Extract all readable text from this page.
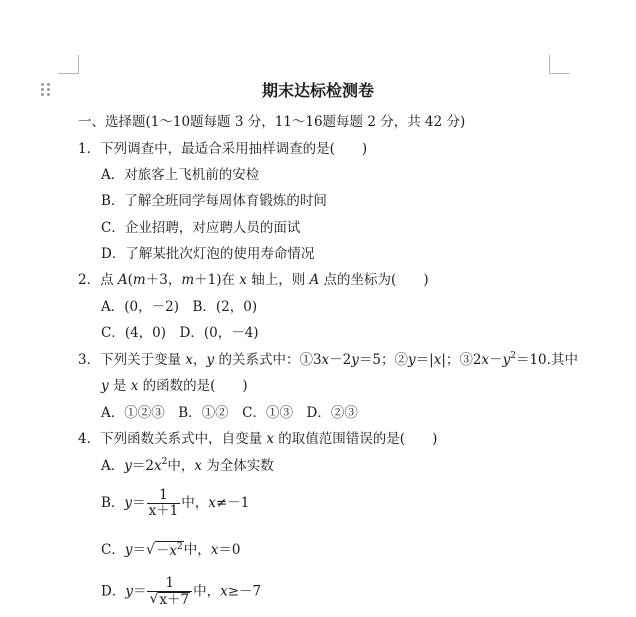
期末达标检测卷
一、选择题(1～10题每题 3 分，11～16题每题 2 分，共 42 分)
1．下列调查中，最适合采用抽样调查的是(　　)
A．对旅客上飞机前的安检
B．了解全班同学每周体育锻炼的时间
C．企业招聘，对应聘人员的面试
D．了解某批次灯泡的使用寿命情况
2．点 A(m＋3，m＋1)在 x 轴上，则 A 点的坐标为(　　)
A．(0，－2)　B．(2，0)
C．(4，0)　D．(0，－4)
3．下列关于变量 x，y 的关系式中：①3x－2y＝5；②y＝|x|；$③2x-y^2=10$.其中
y 是 x 的函数的是(　　)
A．①②③　B．①②　C．①③　D．②③
4．下列函数关系式中，自变量 x 的取值范围错误的是(　　)
A．$y=2x^2$中，x 为全体实数
B．$y= \frac{1}{x+1}$ 中，x≠－1
C．y＝ √ $-x^2$ 中，x＝0
D．$y= \frac{1}{√ x+7}$ 中，x≥－7
